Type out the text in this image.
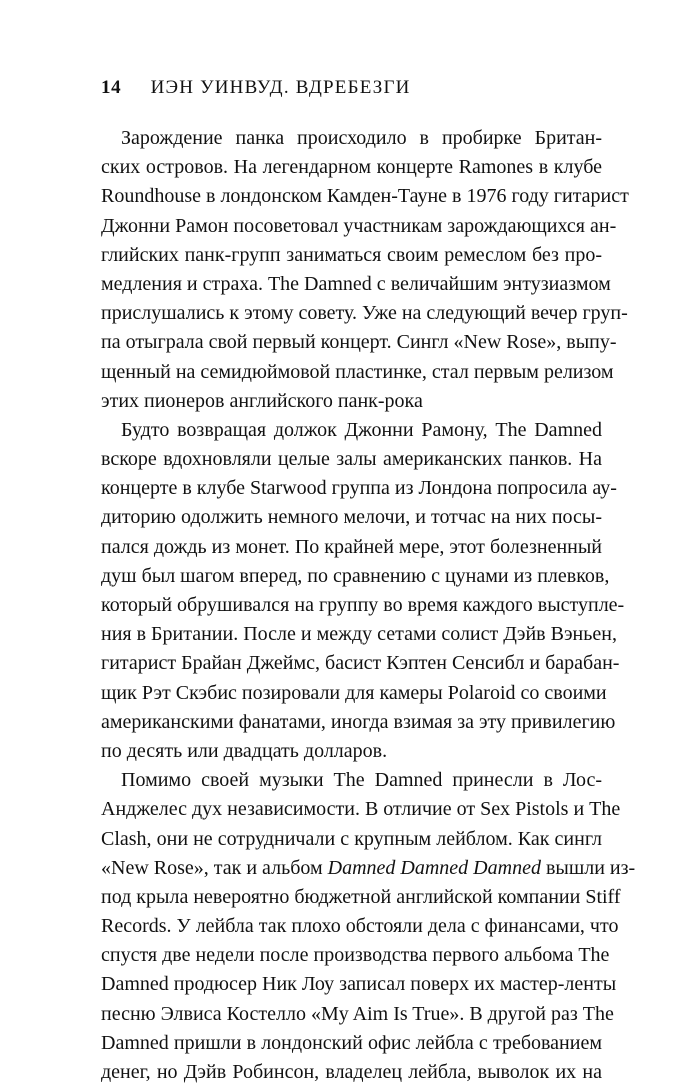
14 ИЭН УИНВУД. ВДРЕБЕЗГИ
Зарождение панка происходило в пробирке Британ-
ских островов. На легендарном концерте Ramones в клубе
Roundhouse в лондонском Камден-Тауне в 1976 году гитарист
Джонни Рамон посоветовал участникам зарождающихся ан-
глийских панк-групп заниматься своим ремеслом без про-
медления и страха. The Damned с величайшим энтузиазмом
прислушались к этому совету. Уже на следующий вечер груп-
па отыграла свой первый концерт. Сингл «New Rose», выпу-
щенный на семидюймовой пластинке, стал первым релизом
этих пионеров английского панк-рока
Будто возвращая должок Джонни Рамону, The Damned
вскоре вдохновляли целые залы американских панков. На
концерте в клубе Starwood группа из Лондона попросила ау-
диторию одолжить немного мелочи, и тотчас на них посы-
пался дождь из монет. По крайней мере, этот болезненный
душ был шагом вперед, по сравнению с цунами из плевков,
который обрушивался на группу во время каждого выступле-
ния в Британии. После и между сетами солист Дэйв Вэньен,
гитарист Брайан Джеймс, басист Кэптен Сенсибл и барабан-
щик Рэт Скэбис позировали для камеры Polaroid со своими
американскими фанатами, иногда взимая за эту привилегию
по десять или двадцать долларов.
Помимо своей музыки The Damned принесли в Лос-
Анджелес дух независимости. В отличие от Sex Pistols и The
Clash, они не сотрудничали с крупным лейблом. Как сингл
«New Rose», так и альбом Damned Damned Damned вышли из-
под крыла невероятно бюджетной английской компании Stiff
Records. У лейбла так плохо обстояли дела с финансами, что
спустя две недели после производства первого альбома The
Damned продюсер Ник Лоу записал поверх их мастер-ленты
песню Элвиса Костелло «My Aim Is True». В другой раз The
Damned пришли в лондонский офис лейбла с требованием
денег, но Дэйв Робинсон, владелец лейбла, выволок их на
